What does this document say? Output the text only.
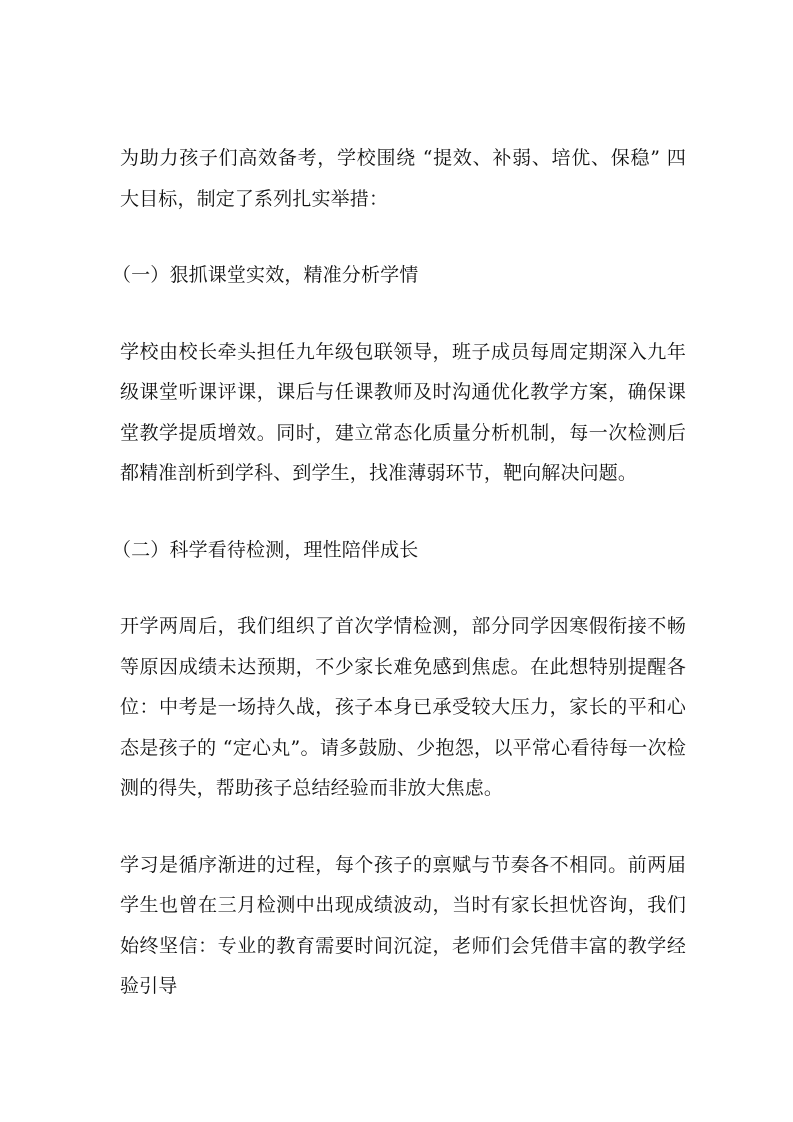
为助力孩子们高效备考，学校围绕 “提效、补弱、培优、保稳” 四大目标，制定了系列扎实举措：

（一）狠抓课堂实效，精准分析学情

学校由校长牵头担任九年级包联领导，班子成员每周定期深入九年级课堂听课评课，课后与任课教师及时沟通优化教学方案，确保课堂教学提质增效。同时，建立常态化质量分析机制，每一次检测后都精准剖析到学科、到学生，找准薄弱环节，靶向解决问题。

（二）科学看待检测，理性陪伴成长

开学两周后，我们组织了首次学情检测，部分同学因寒假衔接不畅等原因成绩未达预期，不少家长难免感到焦虑。在此想特别提醒各位：中考是一场持久战，孩子本身已承受较大压力，家长的平和心态是孩子的 “定心丸”。请多鼓励、少抱怨，以平常心看待每一次检测的得失，帮助孩子总结经验而非放大焦虑。

学习是循序渐进的过程，每个孩子的禀赋与节奏各不相同。前两届学生也曾在三月检测中出现成绩波动，当时有家长担忧咨询，我们始终坚信：专业的教育需要时间沉淀，老师们会凭借丰富的教学经验引导
